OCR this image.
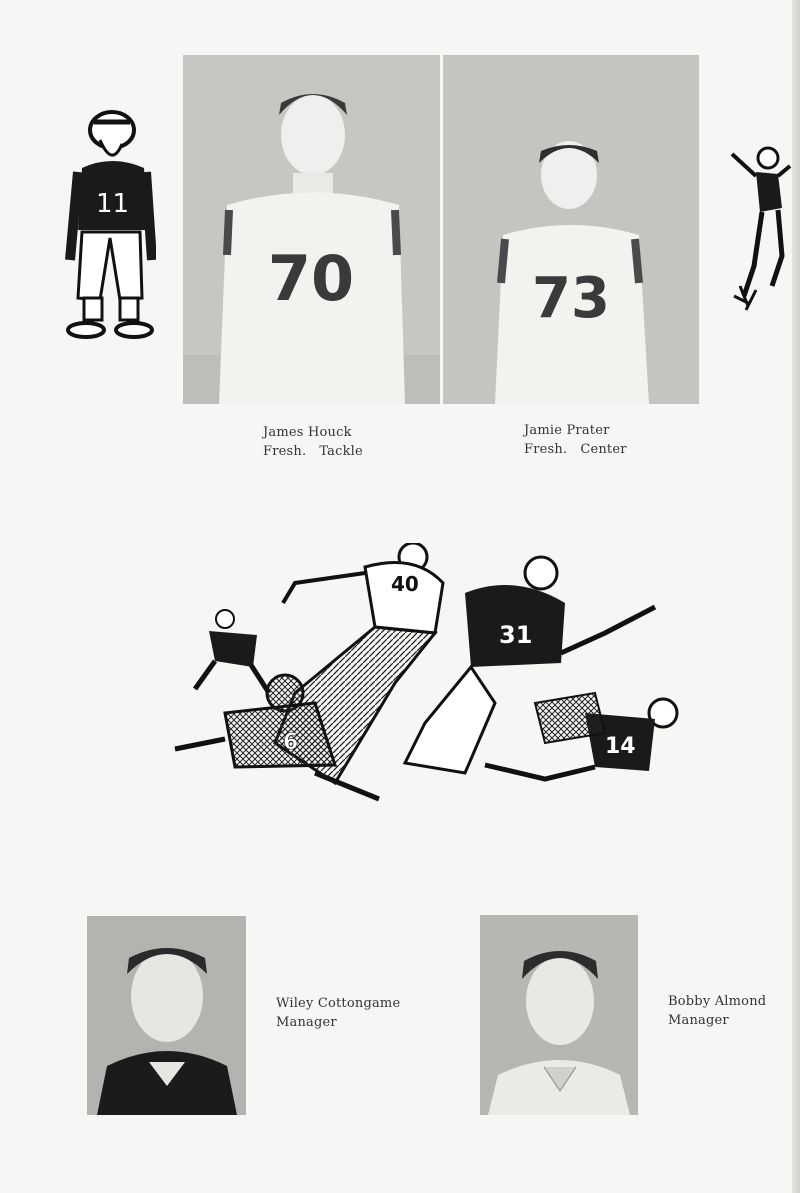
11
70	73
James Houck
Fresh. Tackle
Jamie Prater
Fresh. Center
40
31
14
6
Wiley Cottongame
Manager
Bobby Almond
Manager
